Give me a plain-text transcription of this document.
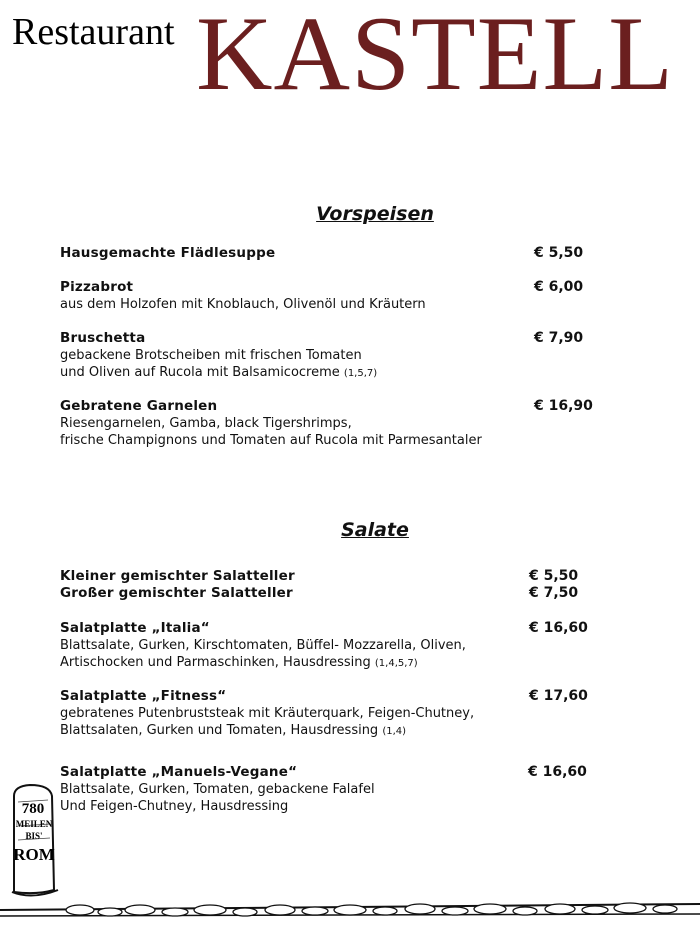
Restaurant KASTELL
Vorspeisen
Hausgemachte Flädlesuppe	€ 5,50
Pizzabrot	€ 6,00
aus dem Holzofen mit Knoblauch, Olivenöl und Kräutern
Bruschetta	€ 7,90
gebackene Brotscheiben mit frischen Tomaten
und Oliven auf Rucola mit Balsamicocreme (1,5,7)
Gebratene Garnelen	€ 16,90
Riesengarnelen, Gamba, black Tigershrimps,
frische Champignons und Tomaten auf Rucola mit Parmesantaler
Salate
Kleiner gemischter Salatteller	€ 5,50
Großer gemischter Salatteller	€ 7,50
Salatplatte „Italia“	€ 16,60
Blattsalate, Gurken, Kirschtomaten, Büffel- Mozzarella, Oliven,
Artischocken und Parmaschinken, Hausdressing (1,4,5,7)
Salatplatte „Fitness“	€ 17,60
gebratenes Putenbruststeak mit Kräuterquark, Feigen-Chutney,
Blattsalaten, Gurken und Tomaten, Hausdressing (1,4)
Salatplatte „Manuels-Vegane“	€ 16,60
Blattsalate, Gurken, Tomaten, gebackene Falafel
Und Feigen-Chutney, Hausdressing
780
MEILEN
BIS'
ROM
